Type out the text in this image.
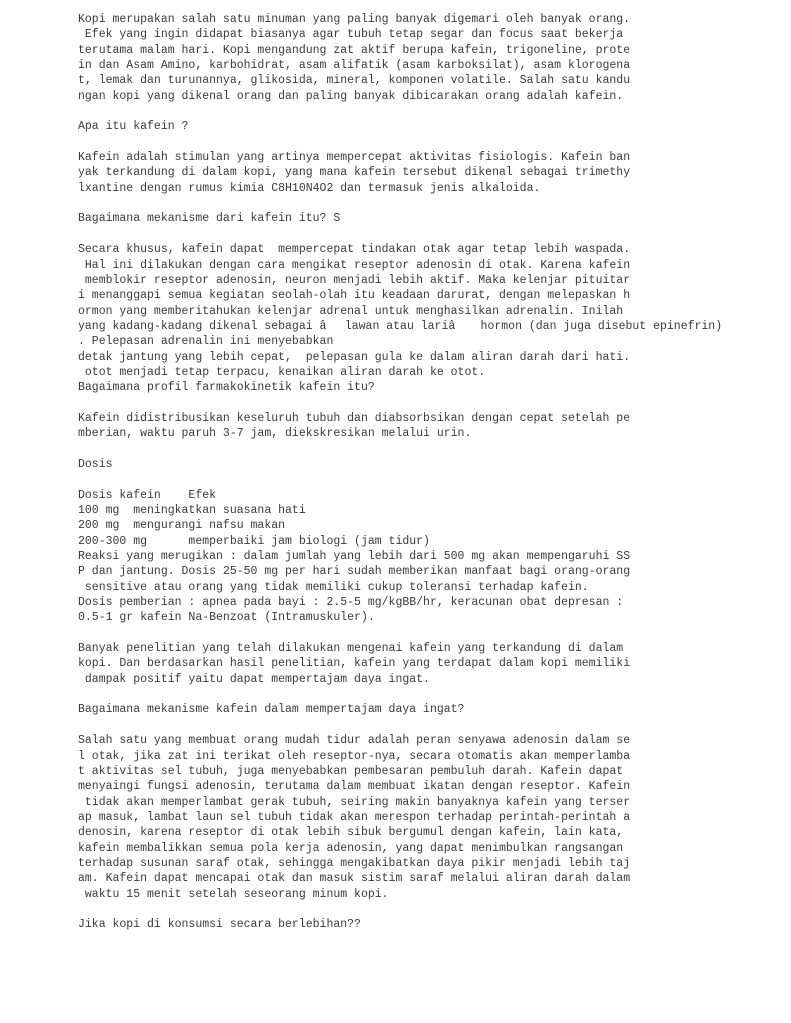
Kopi merupakan salah satu minuman yang paling banyak digemari oleh banyak orang.
Efek yang ingin didapat biasanya agar tubuh tetap segar dan focus saat bekerja
terutama malam hari. Kopi mengandung zat aktif berupa kafein, trigoneline, prote
in dan Asam Amino, karbohidrat, asam alifatik (asam karboksilat), asam klorogena
t, lemak dan turunannya, glikosida, mineral, komponen volatile. Salah satu kandu
ngan kopi yang dikenal orang dan paling banyak dibicarakan orang adalah kafein.
Apa itu kafein ?
Kafein adalah stimulan yang artinya mempercepat aktivitas fisiologis. Kafein ban
yak terkandung di dalam kopi, yang mana kafein tersebut dikenal sebagai trimethy
lxantine dengan rumus kimia C8H10N4O2 dan termasuk jenis alkaloida.
Bagaimana mekanisme dari kafein itu? S
Secara khusus, kafein dapat  mempercepat tindakan otak agar tetap lebih waspada.
Hal ini dilakukan dengan cara mengikat reseptor adenosin di otak. Karena kafein
memblokir reseptor adenosin, neuron menjadi lebih aktif. Maka kelenjar pituitar
i menanggapi semua kegiatan seolah-olah itu keadaan darurat, dengan melepaskan h
ormon yang memberitahukan kelenjar adrenal untuk menghasilkan adrenalin. Inilah
yang kadang-kadang dikenal sebagai âlawan atau lariâ hormon (dan juga disebut epinefrin)
. Pelepasan adrenalin ini menyebabkan
detak jantung yang lebih cepat,  pelepasan gula ke dalam aliran darah dari hati.
otot menjadi tetap terpacu, kenaikan aliran darah ke otot.
Bagaimana profil farmakokinetik kafein itu?
Kafein didistribusikan keseluruh tubuh dan diabsorbsikan dengan cepat setelah pe
mberian, waktu paruh 3-7 jam, diekskresikan melalui urin.
Dosis
Dosis kafein    Efek
100 mg  meningkatkan suasana hati
200 mg  mengurangi nafsu makan
200-300 mg      memperbaiki jam biologi (jam tidur)
Reaksi yang merugikan : dalam jumlah yang lebih dari 500 mg akan mempengaruhi SS
P dan jantung. Dosis 25-50 mg per hari sudah memberikan manfaat bagi orang-orang
sensitive atau orang yang tidak memiliki cukup toleransi terhadap kafein.
Dosis pemberian : apnea pada bayi : 2.5-5 mg/kgBB/hr, keracunan obat depresan :
0.5-1 gr kafein Na-Benzoat (Intramuskuler).
Banyak penelitian yang telah dilakukan mengenai kafein yang terkandung di dalam
kopi. Dan berdasarkan hasil penelitian, kafein yang terdapat dalam kopi memiliki
dampak positif yaitu dapat mempertajam daya ingat.
Bagaimana mekanisme kafein dalam mempertajam daya ingat?
Salah satu yang membuat orang mudah tidur adalah peran senyawa adenosin dalam se
l otak, jika zat ini terikat oleh reseptor-nya, secara otomatis akan memperlamba
t aktivitas sel tubuh, juga menyebabkan pembesaran pembuluh darah. Kafein dapat
menyaingi fungsi adenosin, terutama dalam membuat ikatan dengan reseptor. Kafein
tidak akan memperlambat gerak tubuh, seiring makin banyaknya kafein yang terser
ap masuk, lambat laun sel tubuh tidak akan merespon terhadap perintah-perintah a
denosin, karena reseptor di otak lebih sibuk bergumul dengan kafein, lain kata,
kafein membalikkan semua pola kerja adenosin, yang dapat menimbulkan rangsangan
terhadap susunan saraf otak, sehingga mengakibatkan daya pikir menjadi lebih taj
am. Kafein dapat mencapai otak dan masuk sistim saraf melalui aliran darah dalam
waktu 15 menit setelah seseorang minum kopi.
Jika kopi di konsumsi secara berlebihan??
